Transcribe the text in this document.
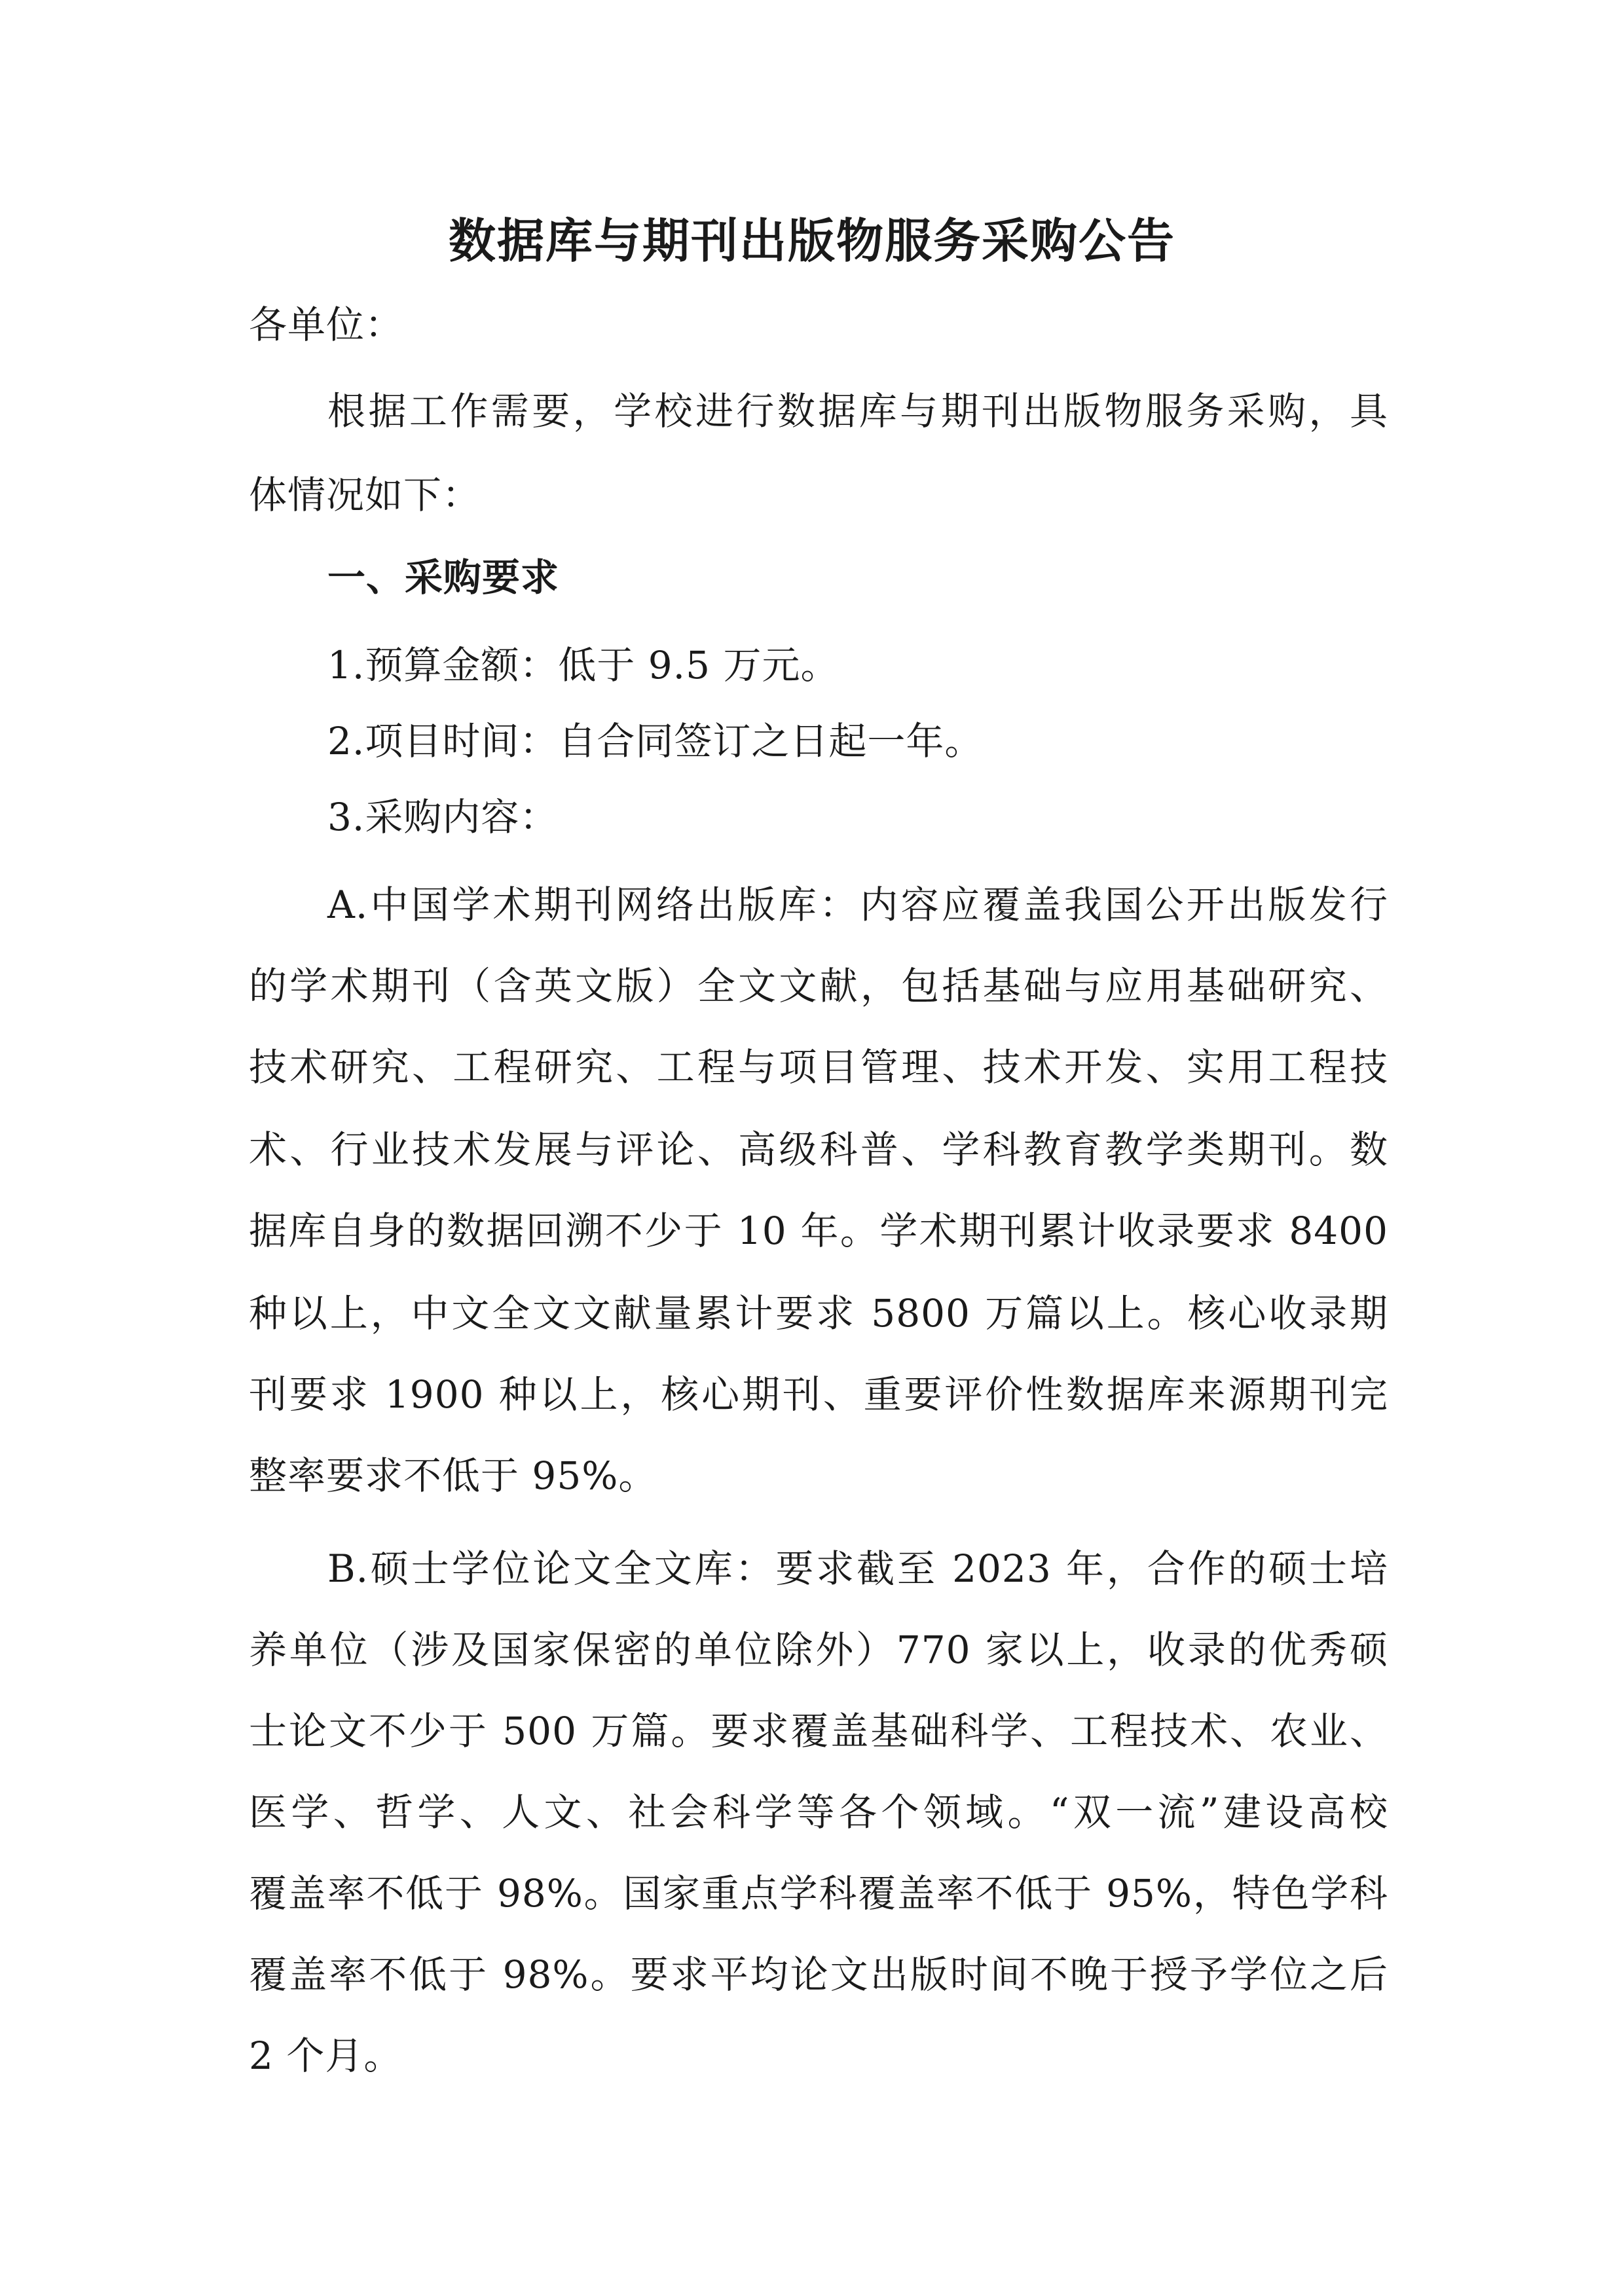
数据库与期刊出版物服务采购公告
各单位：
根据工作需要，学校进行数据库与期刊出版物服务采购，具
体情况如下：
一、采购要求
1.预算金额：低于 9.5 万元。
2.项目时间：自合同签订之日起一年。
3.采购内容：
A.中国学术期刊网络出版库：内容应覆盖我国公开出版发行
的学术期刊（含英文版）全文文献，包括基础与应用基础研究、
技术研究、工程研究、工程与项目管理、技术开发、实用工程技
术、行业技术发展与评论、高级科普、学科教育教学类期刊。数
据库自身的数据回溯不少于 10 年。学术期刊累计收录要求 8400
种以上，中文全文文献量累计要求 5800 万篇以上。核心收录期
刊要求 1900 种以上，核心期刊、重要评价性数据库来源期刊完
整率要求不低于 95%。
B.硕士学位论文全文库：要求截至 2023 年，合作的硕士培
养单位（涉及国家保密的单位除外）770 家以上，收录的优秀硕
士论文不少于 500 万篇。要求覆盖基础科学、工程技术、农业、
医学、哲学、人文、社会科学等各个领域。“双一流”建设高校
覆盖率不低于 98%。国家重点学科覆盖率不低于 95%，特色学科
覆盖率不低于 98%。要求平均论文出版时间不晚于授予学位之后
2 个月。
